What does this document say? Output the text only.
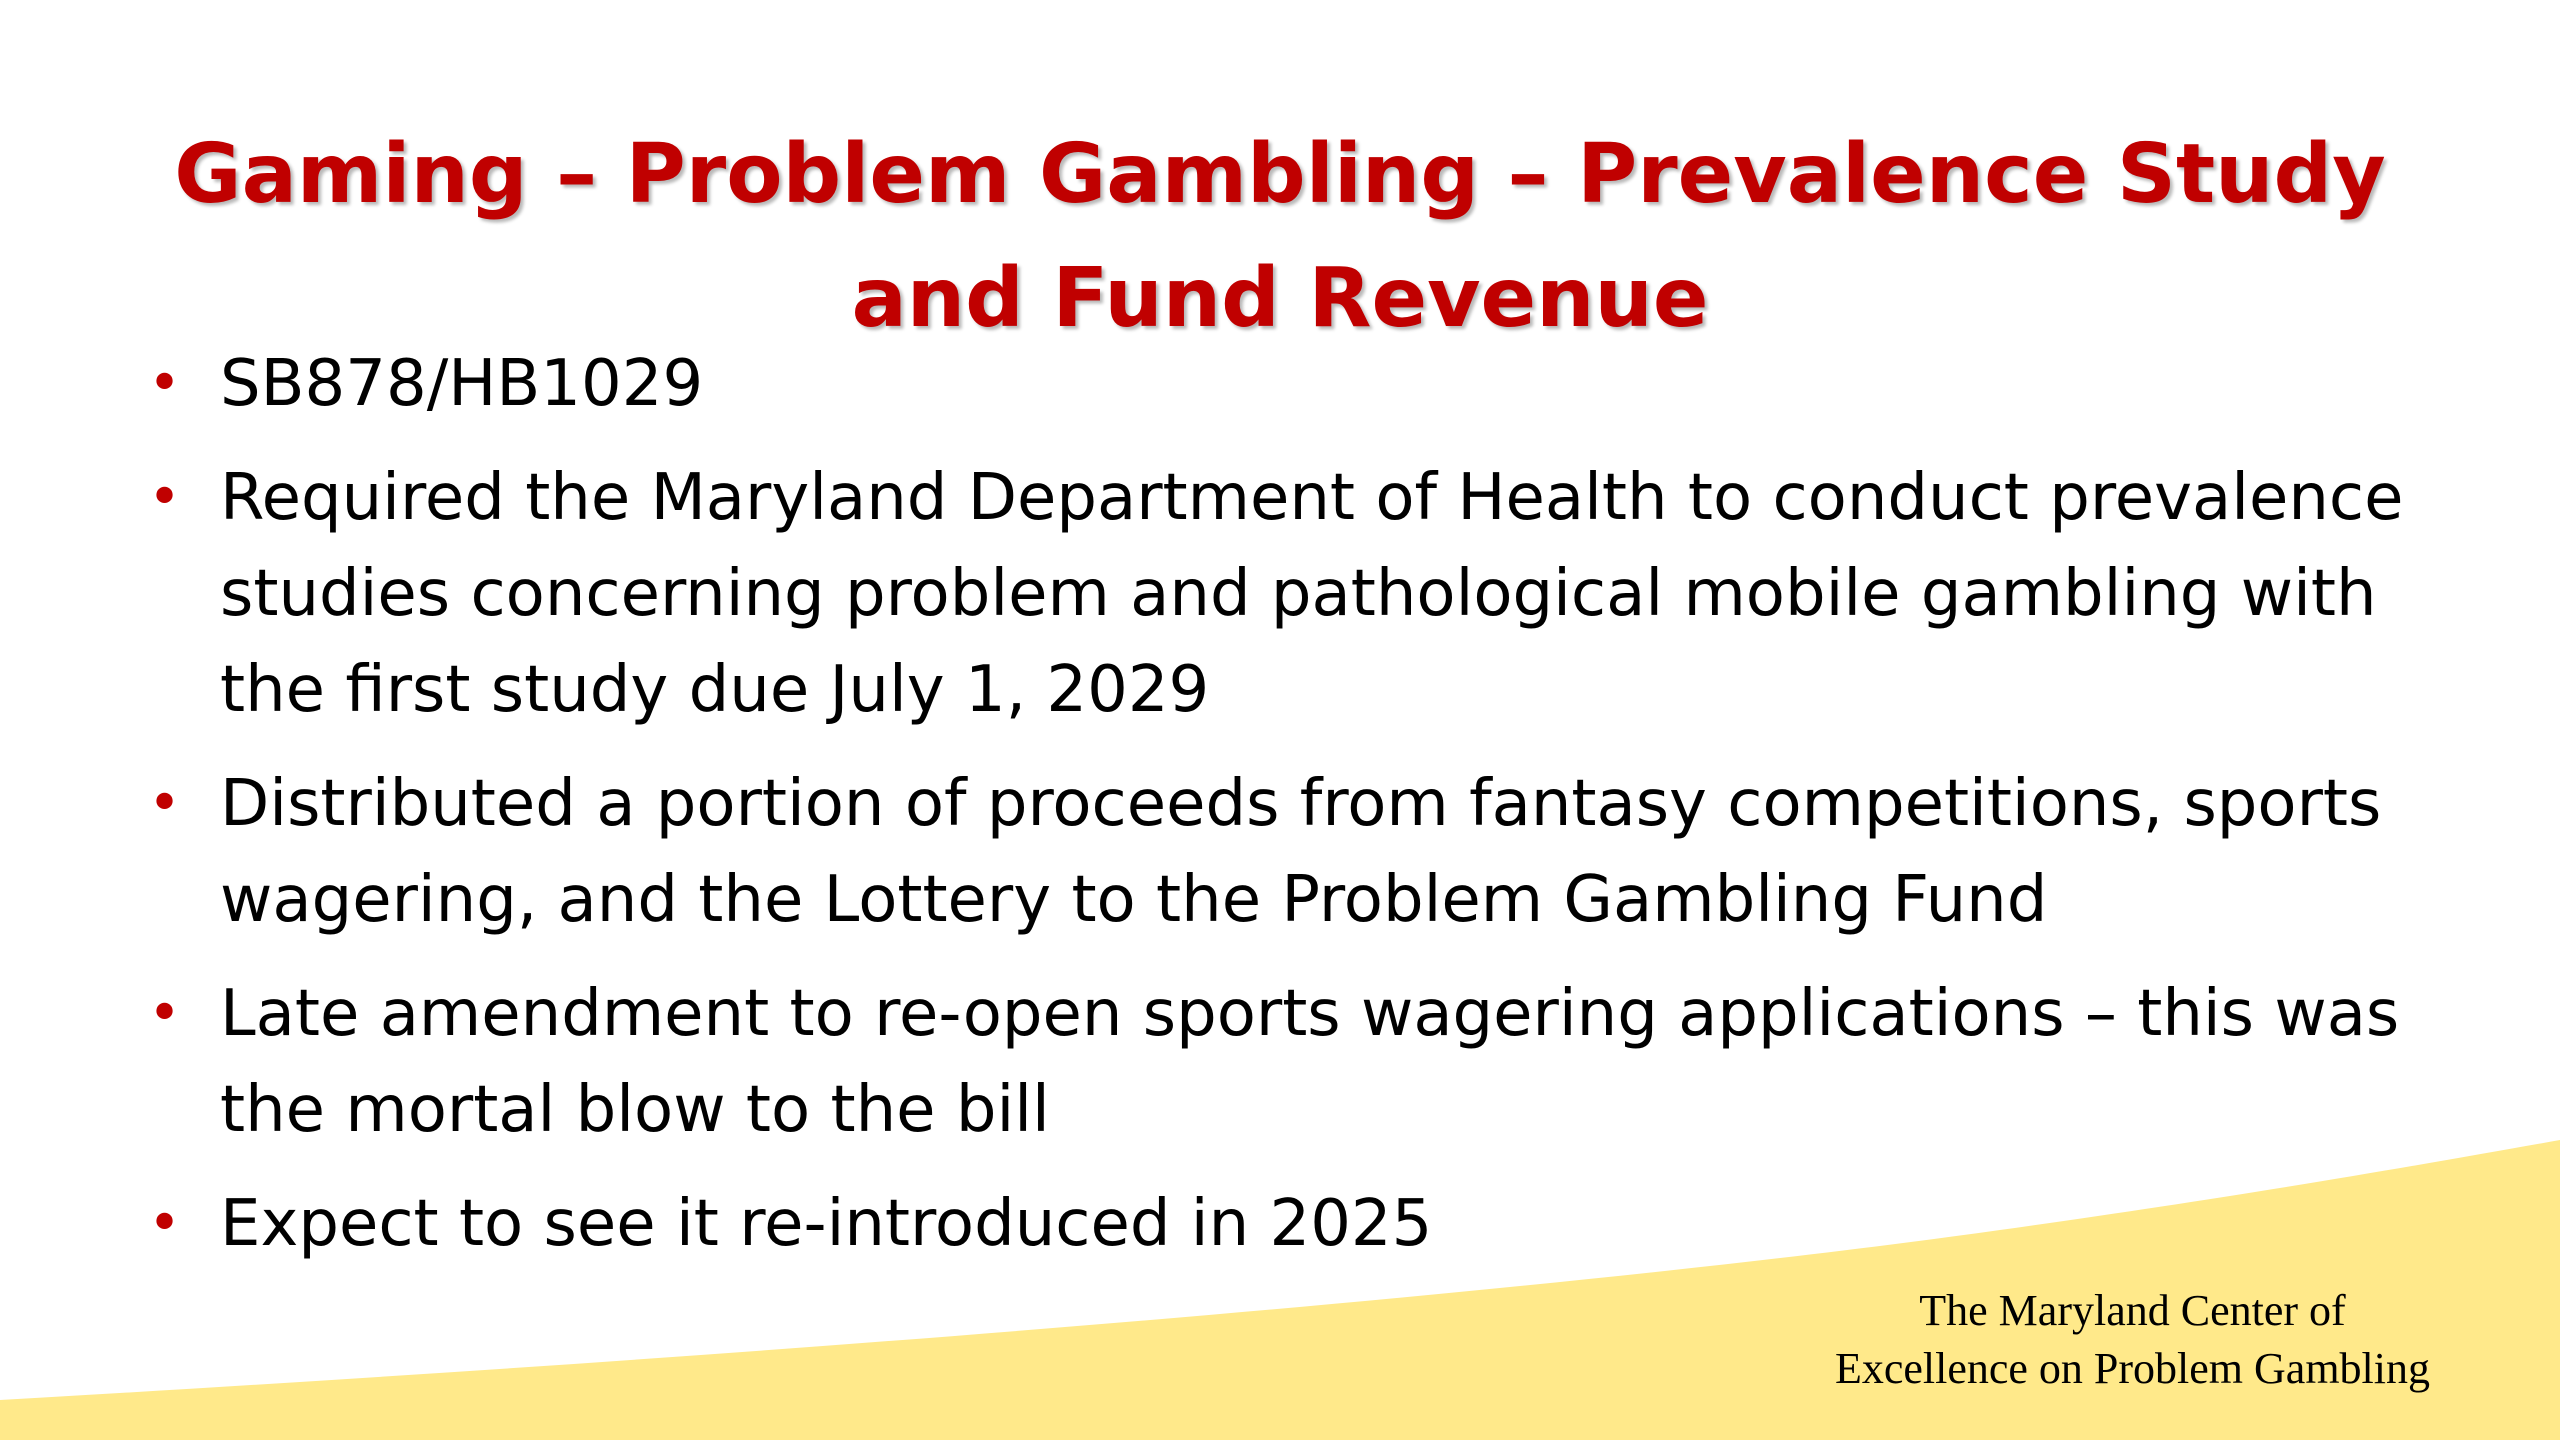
Gaming – Problem Gambling – Prevalence Study
and Fund Revenue
• SB878/HB1029
• Required the Maryland Department of Health to conduct prevalence studies concerning problem and pathological mobile gambling with the first study due July 1, 2029
• Distributed a portion of proceeds from fantasy competitions, sports wagering, and the Lottery to the Problem Gambling Fund
• Late amendment to re-open sports wagering applications – this was the mortal blow to the bill
• Expect to see it re-introduced in 2025
The Maryland Center of
Excellence on Problem Gambling
